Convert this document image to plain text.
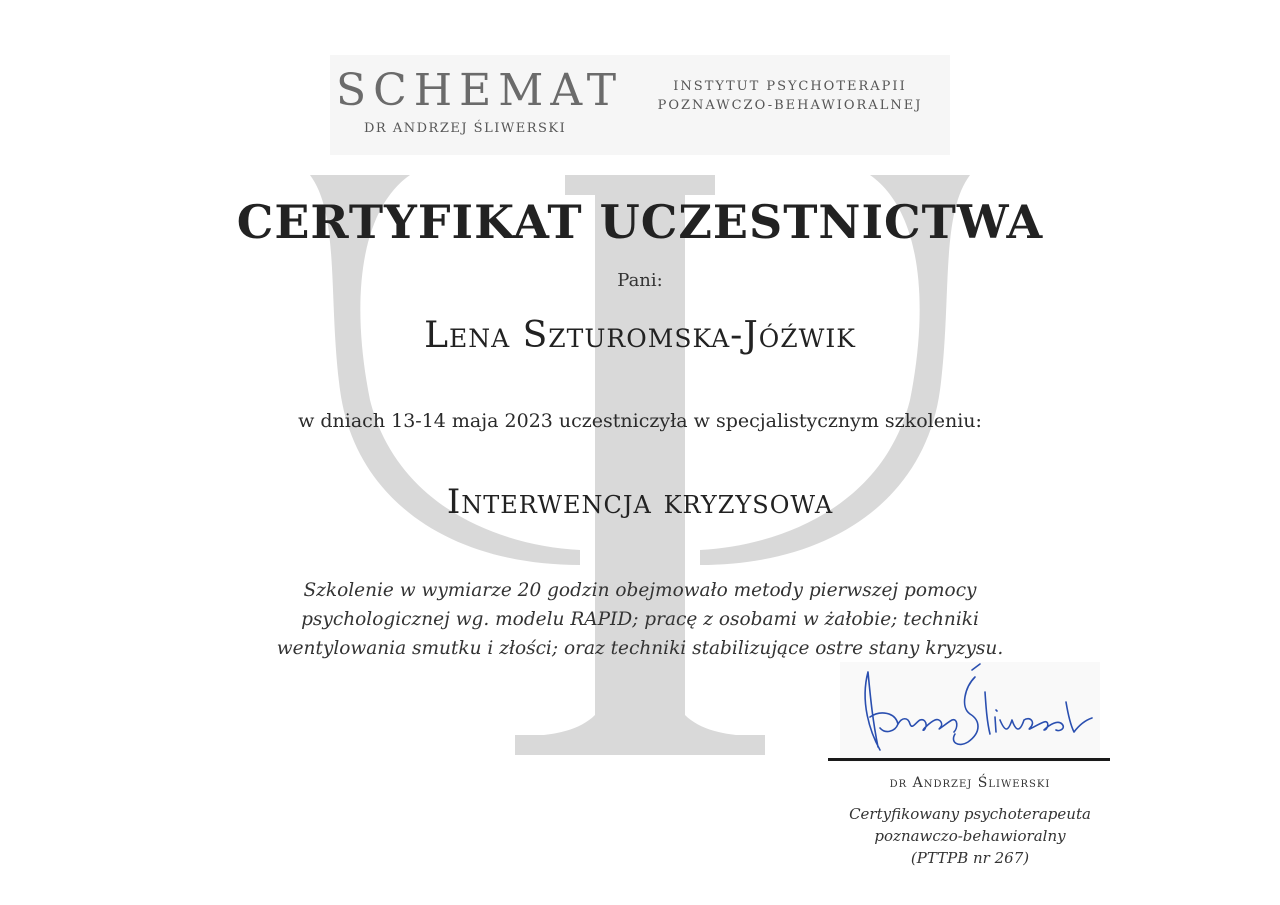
SCHEMAT
DR ANDRZEJ ŚLIWERSKI
INSTYTUT PSYCHOTERAPII
POZNAWCZO-BEHAWIORALNEJ
CERTYFIKAT UCZESTNICTWA
Pani:
Lena Szturomska-Jóźwik
w dniach 13-14 maja 2023 uczestniczyła w specjalistycznym szkoleniu:
Interwencja kryzysowa
Szkolenie w wymiarze 20 godzin obejmowało metody pierwszej pomocy
psychologicznej wg. modelu RAPID; pracę z osobami w żałobie; techniki
wentylowania smutku i złości; oraz techniki stabilizujące ostre stany kryzysu.
dr Andrzej Śliwerski
Certyfikowany psychoterapeuta
poznawczo-behawioralny
(PTTPB nr 267)
